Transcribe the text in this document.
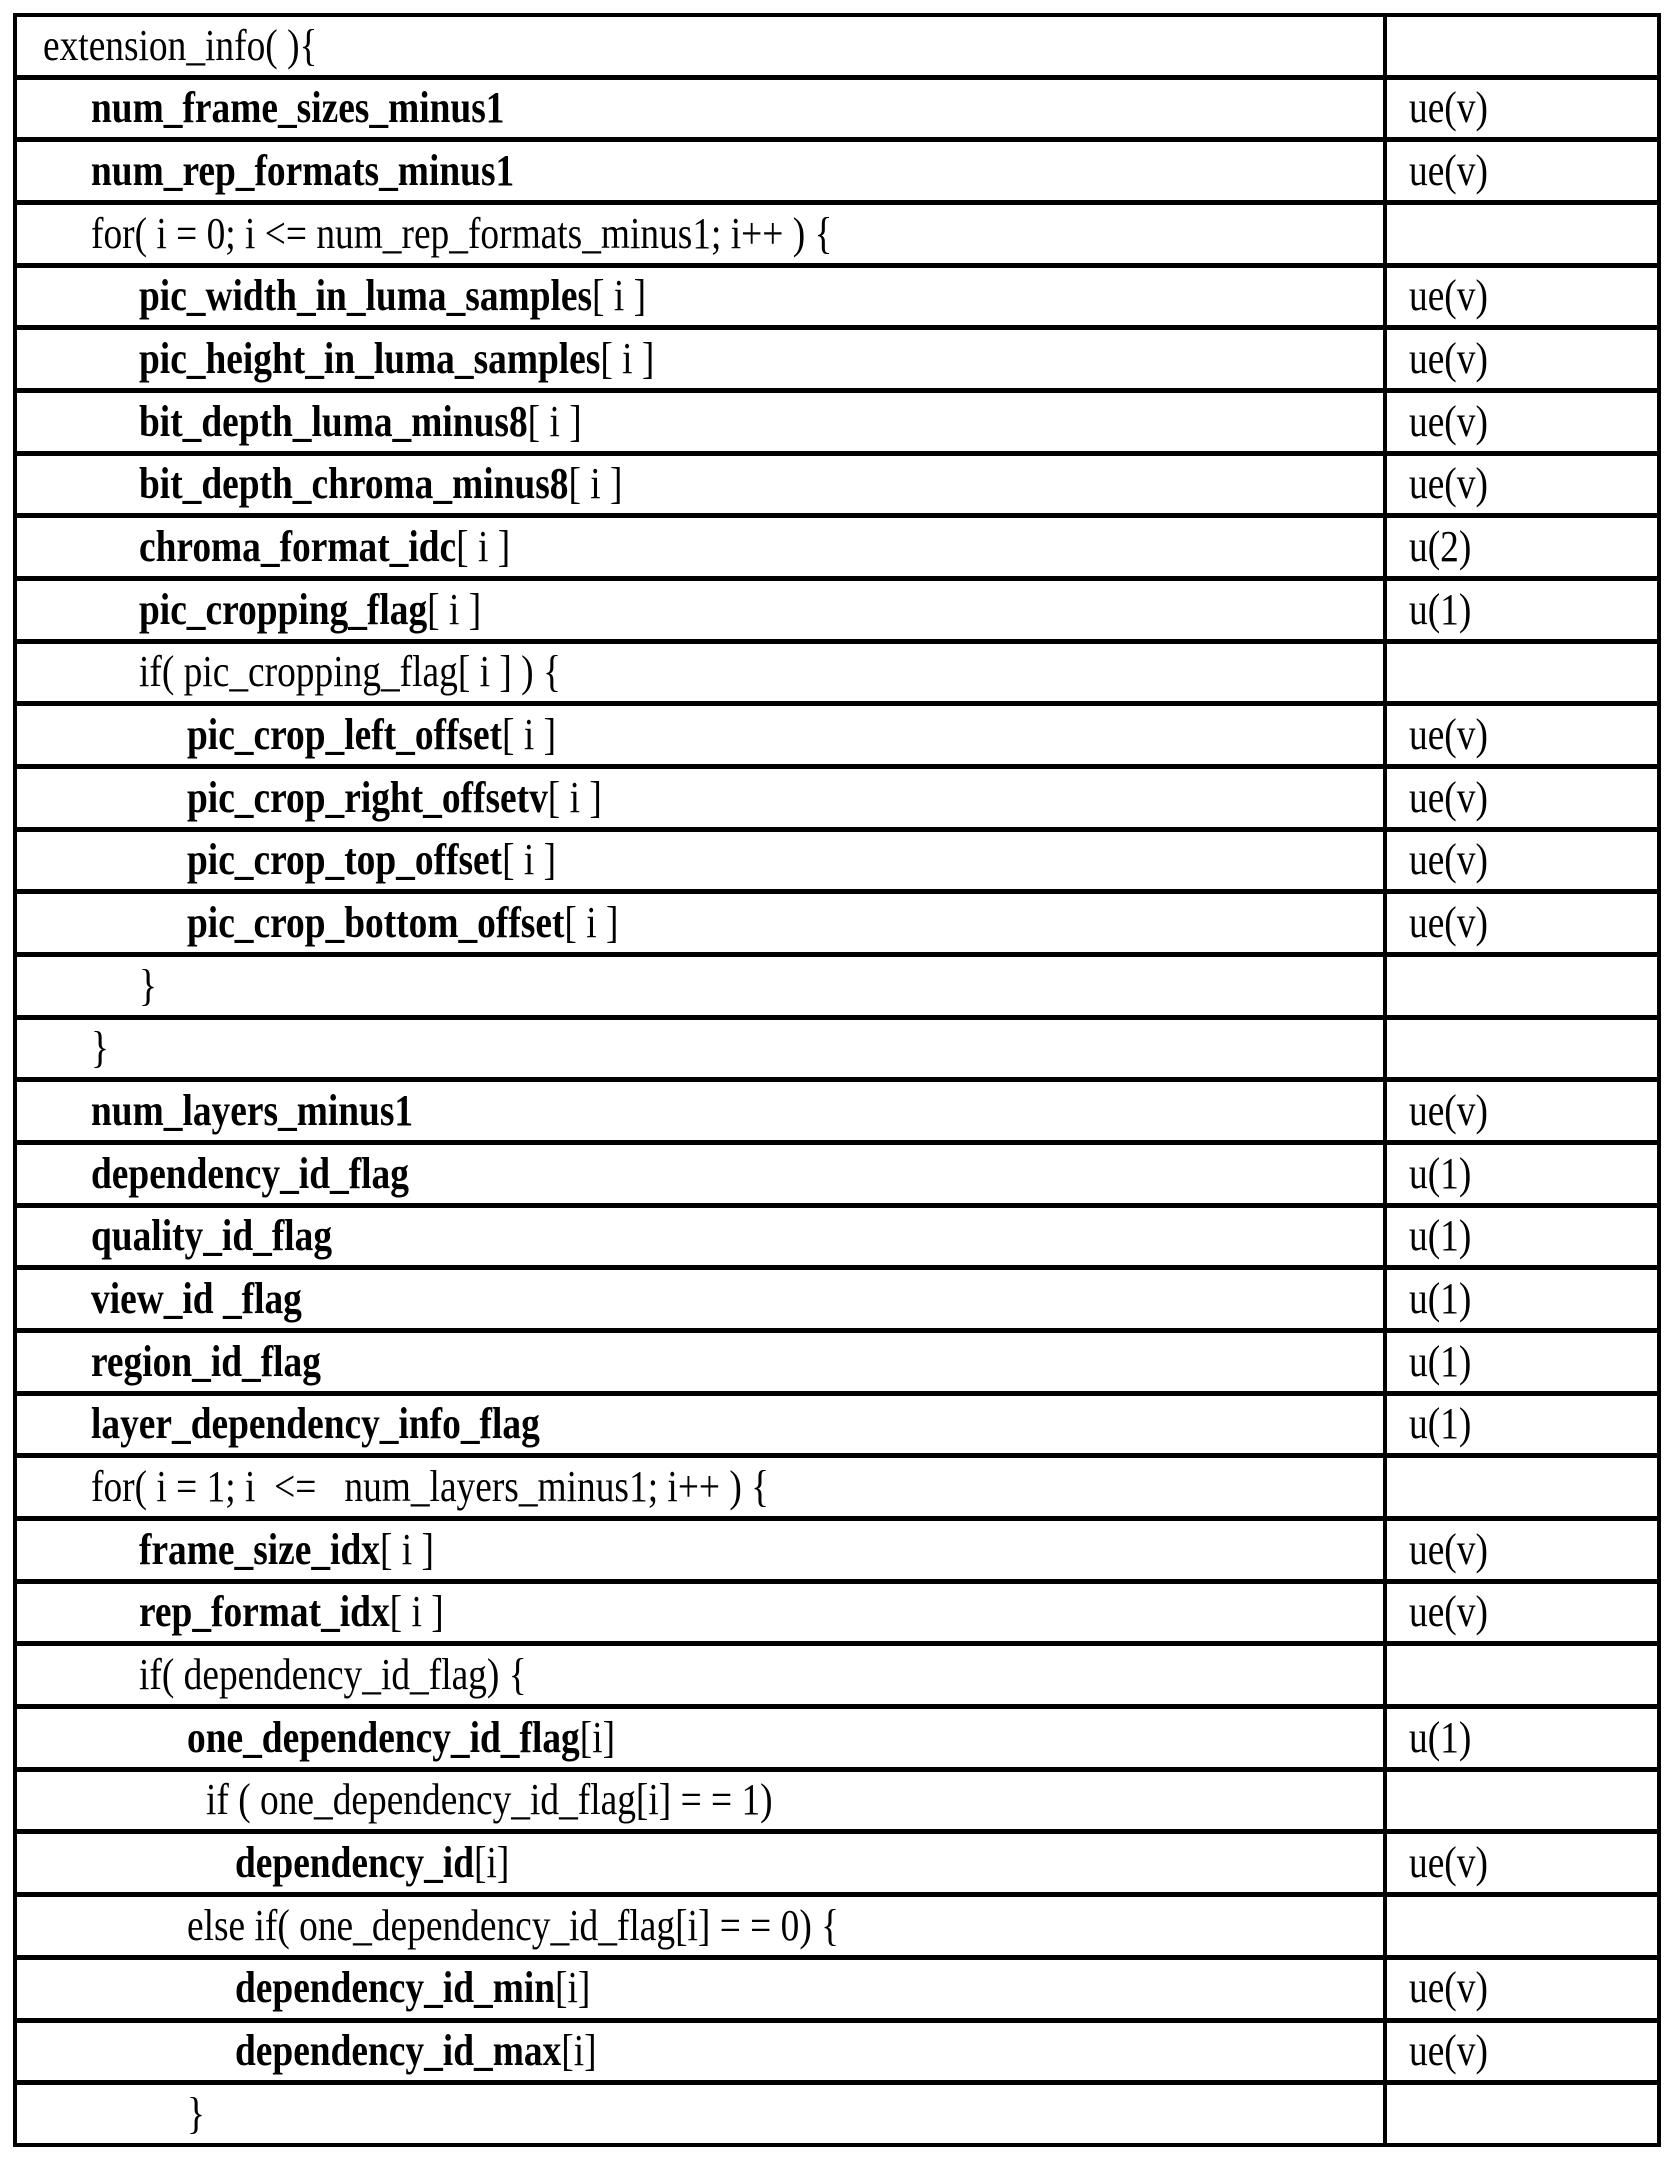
extension_info( ){
num_frame_sizes_minus1	ue(v)
num_rep_formats_minus1	ue(v)
for( i = 0; i <= num_rep_formats_minus1; i++ ) {
pic_width_in_luma_samples[ i ]	ue(v)
pic_height_in_luma_samples[ i ]	ue(v)
bit_depth_luma_minus8[ i ]	ue(v)
bit_depth_chroma_minus8[ i ]	ue(v)
chroma_format_idc[ i ]	u(2)
pic_cropping_flag[ i ]	u(1)
if( pic_cropping_flag[ i ] ) {
pic_crop_left_offset[ i ]	ue(v)
pic_crop_right_offsetv[ i ]	ue(v)
pic_crop_top_offset[ i ]	ue(v)
pic_crop_bottom_offset[ i ]	ue(v)
}
}
num_layers_minus1	ue(v)
dependency_id_flag	u(1)
quality_id_flag	u(1)
view_id _flag	u(1)
region_id_flag	u(1)
layer_dependency_info_flag	u(1)
for( i = 1; i  <=   num_layers_minus1; i++ ) {
frame_size_idx[ i ]	ue(v)
rep_format_idx[ i ]	ue(v)
if( dependency_id_flag) {
one_dependency_id_flag[i]	u(1)
if ( one_dependency_id_flag[i] = = 1)
dependency_id[i]	ue(v)
else if( one_dependency_id_flag[i] = = 0) {
dependency_id_min[i]	ue(v)
dependency_id_max[i]	ue(v)
}
